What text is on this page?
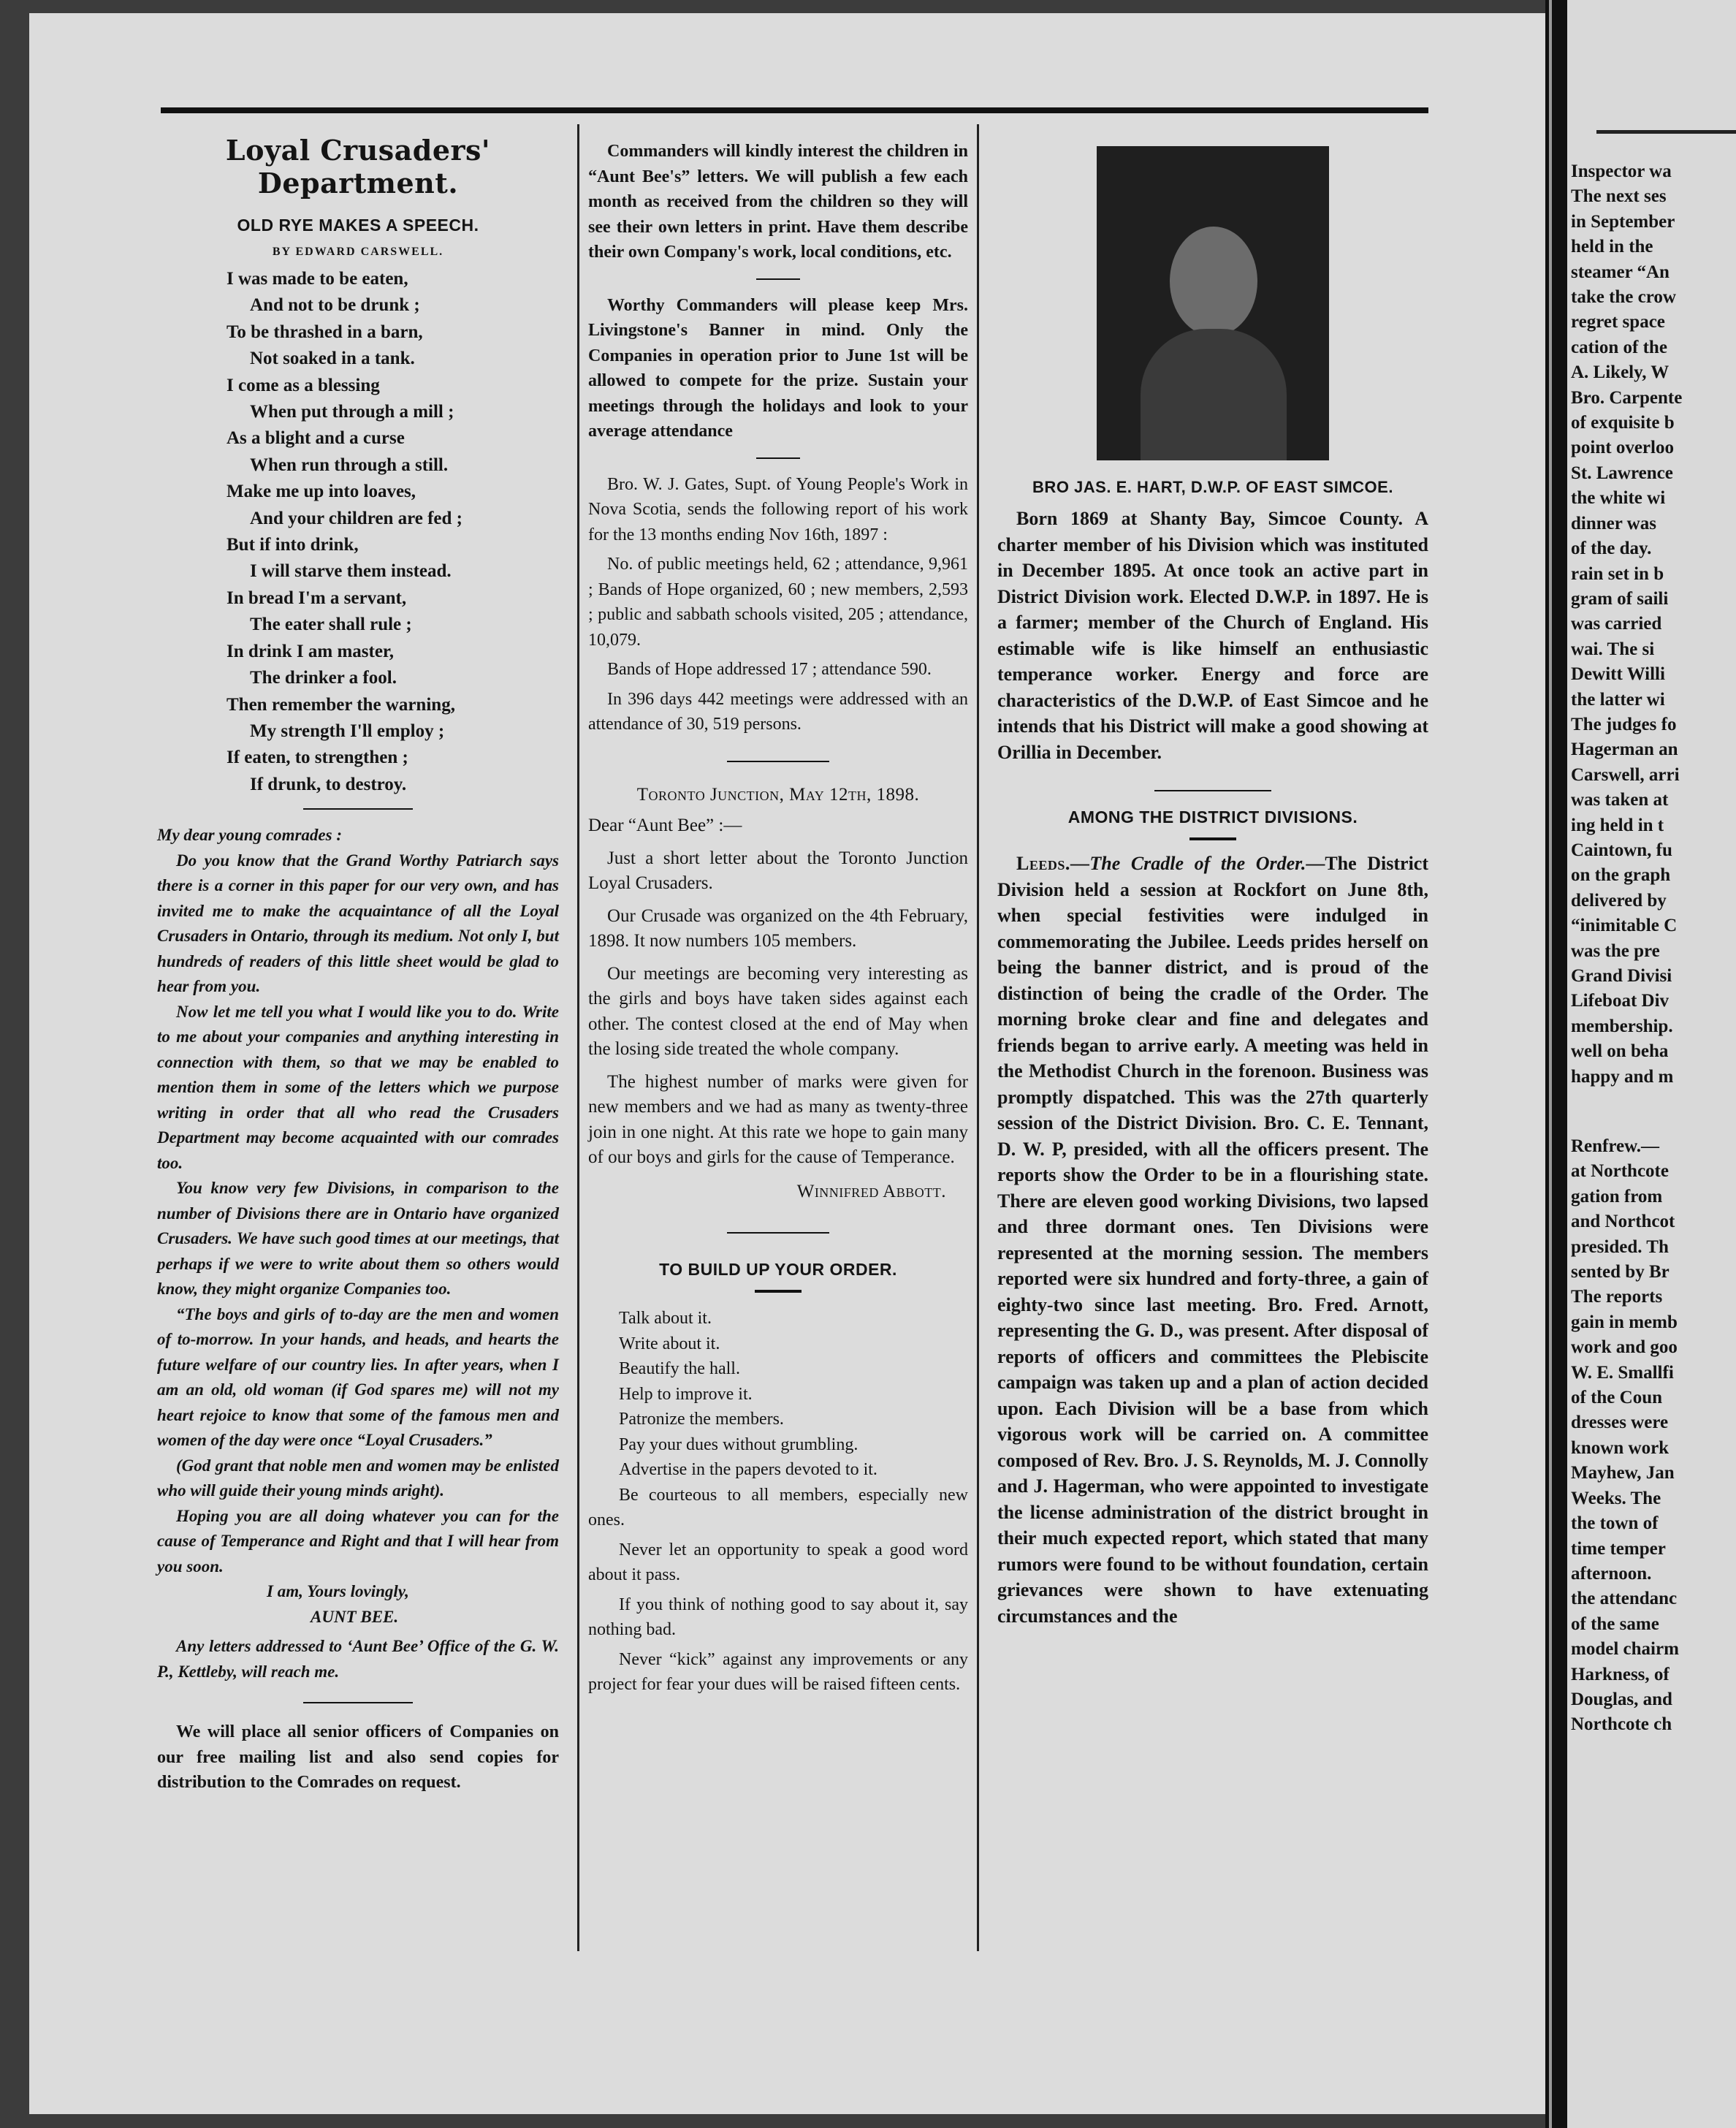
Loyal Crusaders' Department.
OLD RYE MAKES A SPEECH.
BY EDWARD CARSWELL.
I was made to be eaten,
And not to be drunk ;
To be thrashed in a barn,
Not soaked in a tank.
I come as a blessing
When put through a mill ;
As a blight and a curse
When run through a still.
Make me up into loaves,
And your children are fed ;
But if into drink,
I will starve them instead.
In bread I'm a servant,
The eater shall rule ;
In drink I am master,
The drinker a fool.
Then remember the warning,
My strength I'll employ ;
If eaten, to strengthen ;
If drunk, to destroy.

My dear young comrades :

Do you know that the Grand Worthy Patriarch says there is a corner in this paper for our very own, and has invited me to make the acquaintance of all the Loyal Crusaders in Ontario, through its medium. Not only I, but hundreds of readers of this little sheet would be glad to hear from you.

Now let me tell you what I would like you to do. Write to me about your companies and anything interesting in connection with them, so that we may be enabled to mention them in some of the letters which we purpose writing in order that all who read the Crusaders Department may become acquainted with our comrades too.

You know very few Divisions, in comparison to the number of Divisions there are in Ontario have organized Crusaders. We have such good times at our meetings, that perhaps if we were to write about them so others would know, they might organize Companies too.

“The boys and girls of to-day are the men and women of to-morrow. In your hands, and heads, and hearts the future welfare of our country lies. In after years, when I am an old, old woman (if God spares me) will not my heart rejoice to know that some of the famous men and women of the day were once “Loyal Crusaders.”

(God grant that noble men and women may be enlisted who will guide their young minds aright).

Hoping you are all doing whatever you can for the cause of Temperance and Right and that I will hear from you soon.

I am, Yours lovingly,

AUNT BEE.

Any letters addressed to ‘Aunt Bee’ Office of the G. W. P., Kettleby, will reach me.

We will place all senior officers of Companies on our free mailing list and also send copies for distribution to the Comrades on request.

Commanders will kindly interest the children in “Aunt Bee's” letters. We will publish a few each month as received from the children so they will see their own letters in print. Have them describe their own Company's work, local conditions, etc.

Worthy Commanders will please keep Mrs. Livingstone's Banner in mind. Only the Companies in operation prior to June 1st will be allowed to compete for the prize. Sustain your meetings through the holidays and look to your average attendance

Bro. W. J. Gates, Supt. of Young People's Work in Nova Scotia, sends the following report of his work for the 13 months ending Nov 16th, 1897 :

No. of public meetings held, 62 ; attendance, 9,961 ; Bands of Hope organized, 60 ; new members, 2,593 ; public and sabbath schools visited, 205 ; attendance, 10,079.

Bands of Hope addressed 17 ; attendance 590.

In 396 days 442 meetings were addressed with an attendance of 30, 519 persons.

Toronto Junction, May 12th, 1898.

Dear “Aunt Bee” :—

Just a short letter about the Toronto Junction Loyal Crusaders.

Our Crusade was organized on the 4th February, 1898. It now numbers 105 members.

Our meetings are becoming very interesting as the girls and boys have taken sides against each other. The contest closed at the end of May when the losing side treated the whole company.

The highest number of marks were given for new members and we had as many as twenty-three join in one night. At this rate we hope to gain many of our boys and girls for the cause of Temperance.

Winnifred Abbott.

TO BUILD UP YOUR ORDER.
Talk about it.
Write about it.
Beautify the hall.
Help to improve it.
Patronize the members.
Pay your dues without grumbling.
Advertise in the papers devoted to it.
Be courteous to all members, especially new ones.
Never let an opportunity to speak a good word about it pass.
If you think of nothing good to say about it, say nothing bad.
Never “kick” against any improvements or any project for fear your dues will be raised fifteen cents.
BRO JAS. E. HART, D.W.P. OF EAST SIMCOE.

Born 1869 at Shanty Bay, Simcoe County. A charter member of his Division which was instituted in December 1895. At once took an active part in District Division work. Elected D.W.P. in 1897. He is a farmer; member of the Church of England. His estimable wife is like himself an enthusiastic temperance worker. Energy and force are characteristics of the D.W.P. of East Simcoe and he intends that his District will make a good showing at Orillia in December.

AMONG THE DISTRICT DIVISIONS.

Leeds.—The Cradle of the Order.—The District Division held a session at Rockfort on June 8th, when special festivities were indulged in commemorating the Jubilee. Leeds prides herself on being the banner district, and is proud of the distinction of being the cradle of the Order. The morning broke clear and fine and delegates and friends began to arrive early. A meeting was held in the Methodist Church in the forenoon. Business was promptly dispatched. This was the 27th quarterly session of the District Division. Bro. C. E. Tennant, D. W. P, presided, with all the officers present. The reports show the Order to be in a flourishing state. There are eleven good working Divisions, two lapsed and three dormant ones. Ten Divisions were represented at the morning session. The members reported were six hundred and forty-three, a gain of eighty-two since last meeting. Bro. Fred. Arnott, representing the G. D., was present. After disposal of reports of officers and committees the Plebiscite campaign was taken up and a plan of action decided upon. Each Division will be a base from which vigorous work will be carried on. A committee composed of Rev. Bro. J. S. Reynolds, M. J. Connolly and J. Hagerman, who were appointed to investigate the license administration of the district brought in their much expected report, which stated that many rumors were found to be without foundation, certain grievances were shown to have extenuating circumstances and the

Inspector wa
The next ses
in September
held in the
steamer “An
take the crow
regret space
cation of the
A. Likely, W
Bro. Carpente
of exquisite b
point overloo
St. Lawrence
the white wi
dinner was
of the day.
rain set in b
gram of saili
was carried
wai. The si
Dewitt Willi
the latter wi
The judges fo
Hagerman an
Carswell, arri
was taken at
ing held in t
Caintown, fu
on the graph
delivered by
“inimitable C
was the pre
Grand Divisi
Lifeboat Div
membership.
well on beha
happy and m
Renfrew.—
at Northcote
gation from
and Northcot
presided. Th
sented by Br
The reports
gain in memb
work and goo
W. E. Smallfi
of the Coun
dresses were
known work
Mayhew, Jan
Weeks. The
the town of
time temper
afternoon.
the attendanc
of the same
model chairm
Harkness, of
Douglas, and
Northcote ch
